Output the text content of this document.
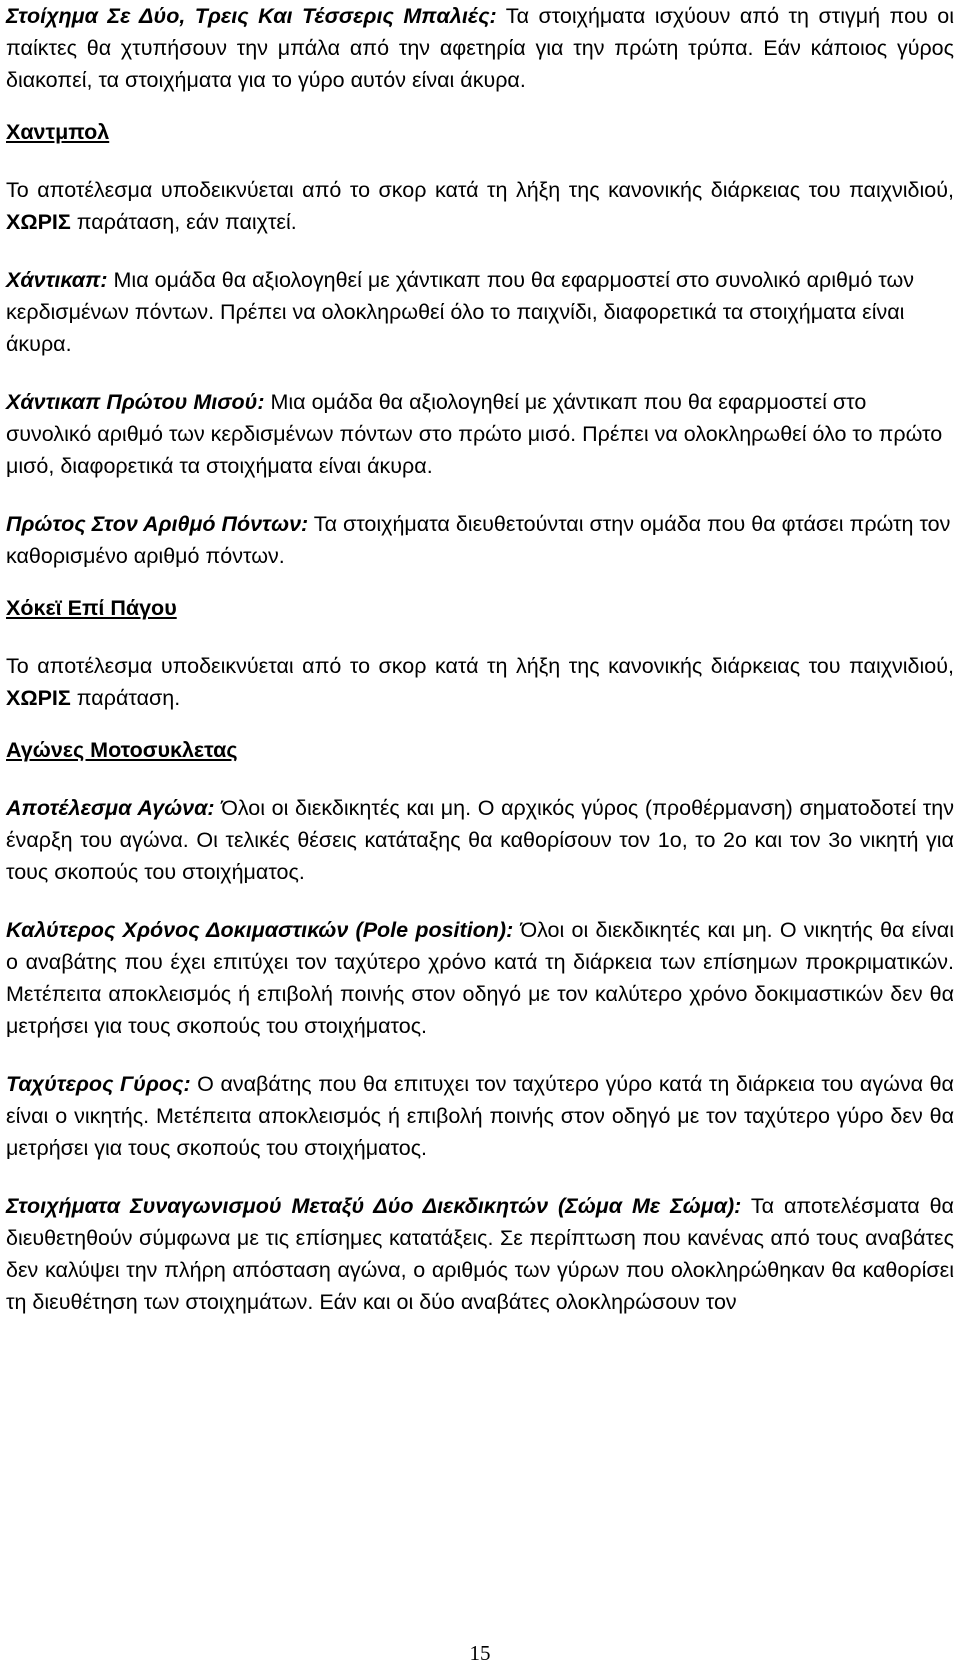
Στοίχημα Σε Δύο, Τρεις Και Τέσσερις Μπαλιές: Τα στοιχήματα ισχύουν από τη στιγμή που οι παίκτες θα χτυπήσουν την μπάλα από την αφετηρία για την πρώτη τρύπα. Εάν κάποιος γύρος διακοπεί, τα στοιχήματα για το γύρο αυτόν είναι άκυρα.

Χαντμπολ

Το αποτέλεσμα υποδεικνύεται από το σκορ κατά τη λήξη της κανονικής διάρκειας του παιχνιδιού, ΧΩΡΙΣ παράταση, εάν παιχτεί.

Χάντικαπ: Μια ομάδα θα αξιολογηθεί με χάντικαπ που θα εφαρμοστεί στο συνολικό αριθμό των κερδισμένων πόντων. Πρέπει να ολοκληρωθεί όλο το παιχνίδι, διαφορετικά τα στοιχήματα είναι άκυρα.

Χάντικαπ Πρώτου Μισού: Μια ομάδα θα αξιολογηθεί με χάντικαπ που θα εφαρμοστεί στο συνολικό αριθμό των κερδισμένων πόντων στο πρώτο μισό. Πρέπει να ολοκληρωθεί όλο το πρώτο μισό, διαφορετικά τα στοιχήματα είναι άκυρα.

Πρώτος Στον Αριθμό Πόντων: Τα στοιχήματα διευθετούνται στην ομάδα που θα φτάσει πρώτη τον καθορισμένο αριθμό πόντων.

Χόκεϊ Επί Πάγου

Το αποτέλεσμα υποδεικνύεται από το σκορ κατά τη λήξη της κανονικής διάρκειας του παιχνιδιού, ΧΩΡΙΣ παράταση.

Αγώνες Μοτοσυκλετας

Αποτέλεσμα Αγώνα: Όλοι οι διεκδικητές και μη. Ο αρχικός γύρος (προθέρμανση) σηματοδοτεί την έναρξη του αγώνα. Οι τελικές θέσεις κατάταξης θα καθορίσουν τον 1ο, το 2ο και τον 3ο νικητή για τους σκοπούς του στοιχήματος.

Καλύτερος Χρόνος Δοκιμαστικών (Pole position): Όλοι οι διεκδικητές και μη. Ο νικητής θα είναι ο αναβάτης που έχει επιτύχει τον ταχύτερο χρόνο κατά τη διάρκεια των επίσημων προκριματικών. Μετέπειτα αποκλεισμός ή επιβολή ποινής στον οδηγό με τον καλύτερο χρόνο δοκιμαστικών δεν θα μετρήσει για τους σκοπούς του στοιχήματος.

Ταχύτερος Γύρος: Ο αναβάτης που θα επιτυχει τον ταχύτερο γύρο κατά τη διάρκεια του αγώνα θα είναι ο νικητής. Μετέπειτα αποκλεισμός ή επιβολή ποινής στον οδηγό με τον ταχύτερο γύρο δεν θα μετρήσει για τους σκοπούς του στοιχήματος.

Στοιχήματα Συναγωνισμού Μεταξύ Δύο Διεκδικητών (Σώμα Με Σώμα): Τα αποτελέσματα θα διευθετηθούν σύμφωνα με τις επίσημες κατατάξεις. Σε περίπτωση που κανένας από τους αναβάτες δεν καλύψει την πλήρη απόσταση αγώνα, ο αριθμός των γύρων που ολοκληρώθηκαν θα καθορίσει τη διευθέτηση των στοιχημάτων. Εάν και οι δύο αναβάτες ολοκληρώσουν τον

15
